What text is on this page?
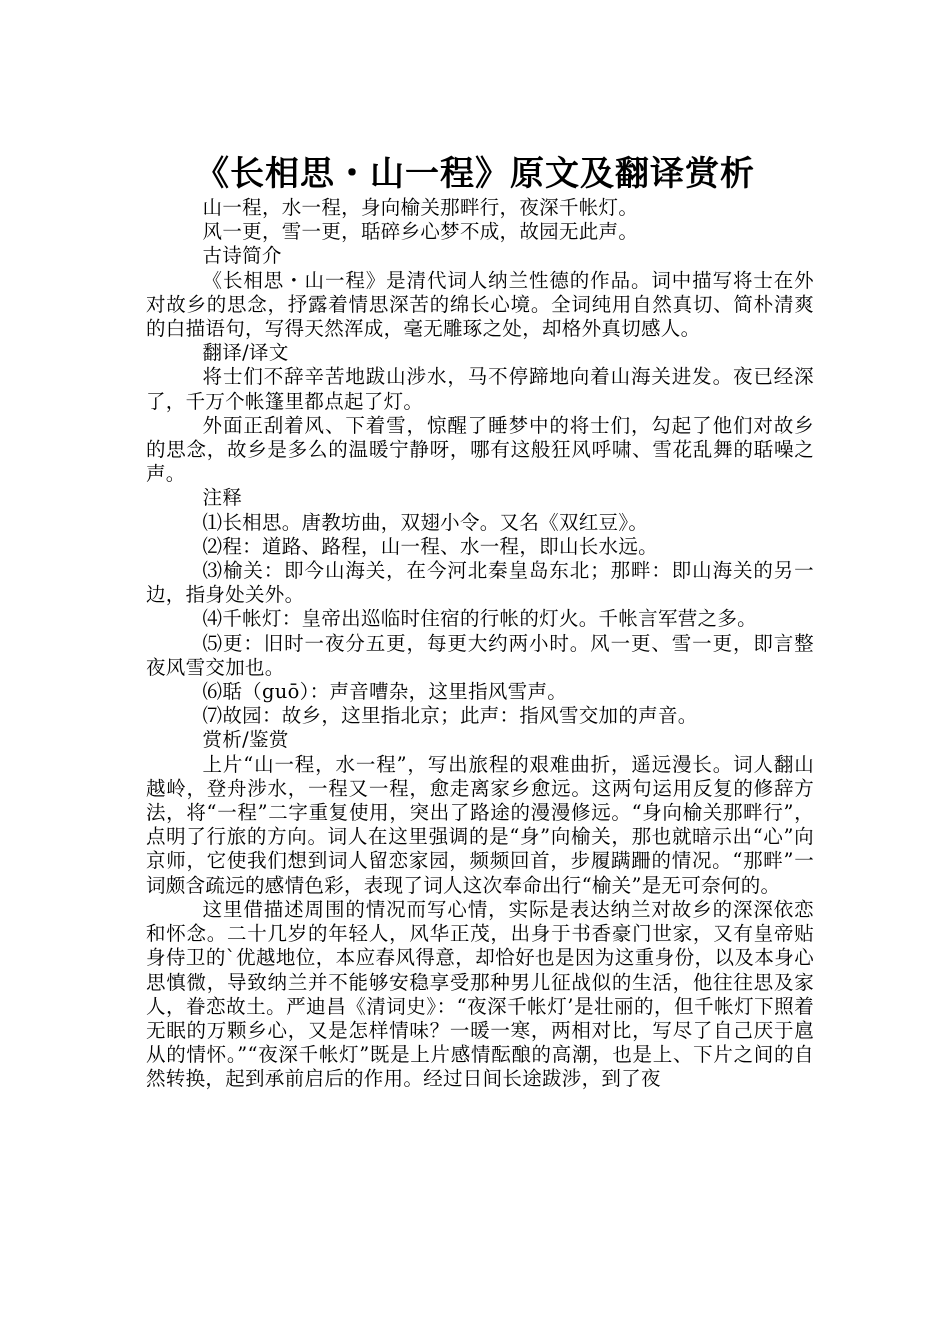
《长相思・山一程》原文及翻译赏析

山一程，水一程，身向榆关那畔行，夜深千帐灯。

风一更，雪一更，聒碎乡心梦不成，故园无此声。

古诗简介

《长相思・山一程》是清代词人纳兰性德的作品。词中描写将士在外对故乡的思念，抒露着情思深苦的绵长心境。全词纯用自然真切、简朴清爽的白描语句，写得天然浑成，毫无雕琢之处，却格外真切感人。

翻译/译文

将士们不辞辛苦地跋山涉水，马不停蹄地向着山海关进发。夜已经深了，千万个帐篷里都点起了灯。

外面正刮着风、下着雪，惊醒了睡梦中的将士们，勾起了他们对故乡的思念，故乡是多么的温暖宁静呀，哪有这般狂风呼啸、雪花乱舞的聒噪之声。

注释

⑴长相思。唐教坊曲，双翅小令。又名《双红豆》。

⑵程：道路、路程，山一程、水一程，即山长水远。

⑶榆关：即今山海关，在今河北秦皇岛东北；那畔：即山海关的另一边，指身处关外。

⑷千帐灯：皇帝出巡临时住宿的行帐的灯火。千帐言军营之多。

⑸更：旧时一夜分五更，每更大约两小时。风一更、雪一更，即言整夜风雪交加也。

⑹聒（guō）：声音嘈杂，这里指风雪声。

⑺故园：故乡，这里指北京；此声：指风雪交加的声音。

赏析/鉴赏

上片“山一程，水一程”，写出旅程的艰难曲折，遥远漫长。词人翻山越岭，登舟涉水，一程又一程，愈走离家乡愈远。这两句运用反复的修辞方法，将“一程”二字重复使用，突出了路途的漫漫修远。“身向榆关那畔行”，点明了行旅的方向。词人在这里强调的是“身”向榆关，那也就暗示出“心”向京师，它使我们想到词人留恋家园，频频回首，步履蹒跚的情况。“那畔”一词颇含疏远的感情色彩，表现了词人这次奉命出行“榆关”是无可奈何的。

这里借描述周围的情况而写心情，实际是表达纳兰对故乡的深深依恋和怀念。二十几岁的年轻人，风华正茂，出身于书香豪门世家，又有皇帝贴身侍卫的`优越地位，本应春风得意，却恰好也是因为这重身份，以及本身心思慎微，导致纳兰并不能够安稳享受那种男儿征战似的生活，他往往思及家人，眷恋故土。严迪昌《清词史》：“夜深千帐灯’是壮丽的，但千帐灯下照着无眠的万颗乡心，又是怎样情味？一暖一寒，两相对比，写尽了自己厌于扈从的情怀。”“夜深千帐灯”既是上片感情酝酿的高潮，也是上、下片之间的自然转换，起到承前启后的作用。经过日间长途跋涉，到了夜
